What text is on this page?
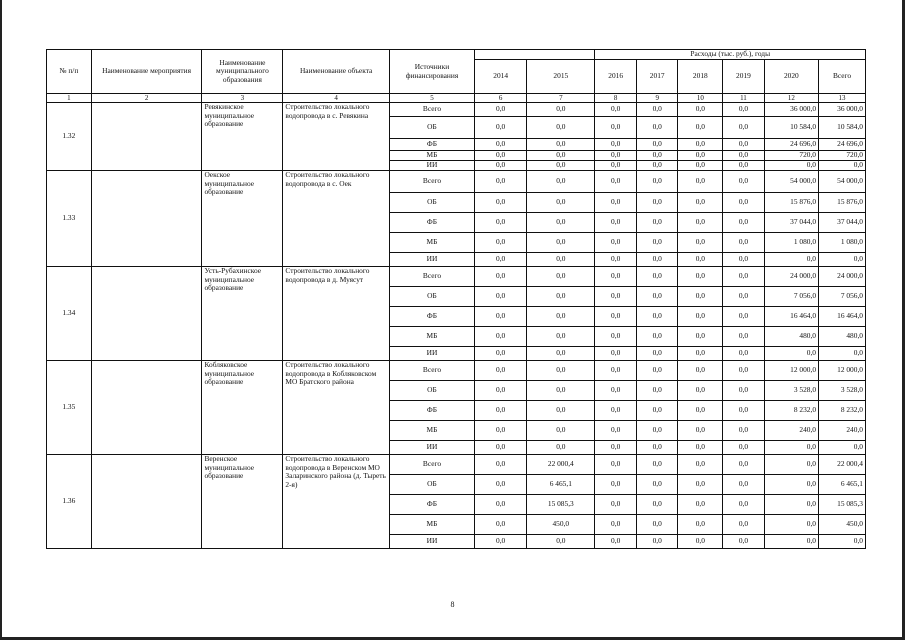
№ п/п	Наименование мероприятия	Наименование муниципального образования	Наименование объекта	Источники финансирования			Расходы (тыс. руб.), годы					
					2014	2015	2016	2017	2018	2019	2020	Всего
1	2	3	4	5	6	7	8	9	10	11	12	13
1.32		Ревякинское муниципальное образование	Строительство локального водопровода в с. Ревякина	Всего	0,0	0,0	0,0	0,0	0,0	0,0	36 000,0	36 000,0
				ОБ	0,0	0,0	0,0	0,0	0,0	0,0	10 584,0	10 584,0
				ФБ	0,0	0,0	0,0	0,0	0,0	0,0	24 696,0	24 696,0
				МБ	0,0	0,0	0,0	0,0	0,0	0,0	720,0	720,0
				ИИ	0,0	0,0	0,0	0,0	0,0	0,0	0,0	0,0
1.33		Оекское муниципальное образование	Строительство локального водопровода в с. Оек	Всего	0,0	0,0	0,0	0,0	0,0	0,0	54 000,0	54 000,0
				ОБ	0,0	0,0	0,0	0,0	0,0	0,0	15 876,0	15 876,0
				ФБ	0,0	0,0	0,0	0,0	0,0	0,0	37 044,0	37 044,0
				МБ	0,0	0,0	0,0	0,0	0,0	0,0	1 080,0	1 080,0
				ИИ	0,0	0,0	0,0	0,0	0,0	0,0	0,0	0,0
1.34		Усть-Рубахинское муниципальное образование	Строительство локального водопровода в д. Муясут	Всего	0,0	0,0	0,0	0,0	0,0	0,0	24 000,0	24 000,0
				ОБ	0,0	0,0	0,0	0,0	0,0	0,0	7 056,0	7 056,0
				ФБ	0,0	0,0	0,0	0,0	0,0	0,0	16 464,0	16 464,0
				МБ	0,0	0,0	0,0	0,0	0,0	0,0	480,0	480,0
				ИИ	0,0	0,0	0,0	0,0	0,0	0,0	0,0	0,0
1.35		Кобляковское муниципальное образование	Строительство локального водопровода в Кобляковском МО Братского района	Всего	0,0	0,0	0,0	0,0	0,0	0,0	12 000,0	12 000,0
				ОБ	0,0	0,0	0,0	0,0	0,0	0,0	3 528,0	3 528,0
				ФБ	0,0	0,0	0,0	0,0	0,0	0,0	8 232,0	8 232,0
				МБ	0,0	0,0	0,0	0,0	0,0	0,0	240,0	240,0
				ИИ	0,0	0,0	0,0	0,0	0,0	0,0	0,0	0,0
1.36		Веренское муниципальное образование	Строительство локального водопровода в Веренском МО Заларинского района (д. Тыреть 2-я)	Всего	0,0	22 000,4	0,0	0,0	0,0	0,0	0,0	22 000,4
				ОБ	0,0	6 465,1	0,0	0,0	0,0	0,0	0,0	6 465,1
				ФБ	0,0	15 085,3	0,0	0,0	0,0	0,0	0,0	15 085,3
				МБ	0,0	450,0	0,0	0,0	0,0	0,0	0,0	450,0
				ИИ	0,0	0,0	0,0	0,0	0,0	0,0	0,0	0,0
8
